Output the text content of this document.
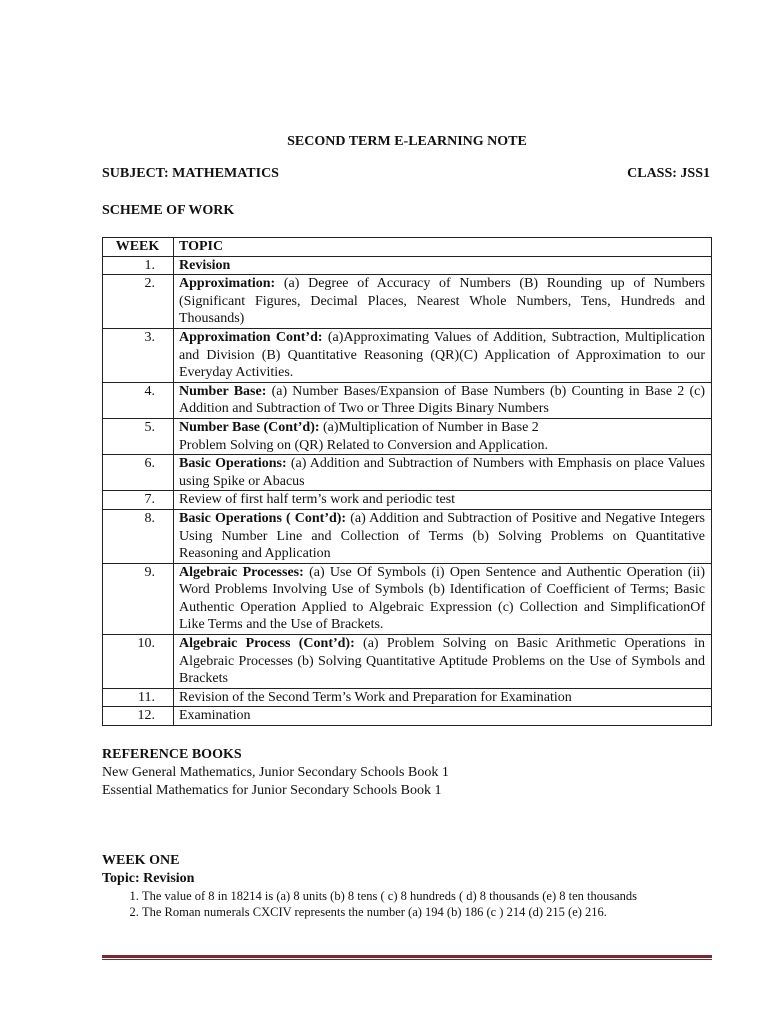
SECOND TERM E-LEARNING NOTE
SUBJECT: MATHEMATICS	CLASS: JSS1
SCHEME OF WORK
WEEK	TOPIC
1.	Revision
2.	Approximation: (a) Degree of Accuracy of Numbers (B) Rounding up of Numbers (Significant Figures, Decimal Places, Nearest Whole Numbers, Tens, Hundreds and Thousands)
3.	Approximation Cont’d: (a)Approximating Values of Addition, Subtraction, Multiplication and Division (B) Quantitative Reasoning (QR)(C) Application of Approximation to our Everyday Activities.
4.	Number Base: (a) Number Bases/Expansion of Base Numbers (b) Counting in Base 2 (c) Addition and Subtraction of Two or Three Digits Binary Numbers
5.	Number Base (Cont’d): (a)Multiplication of Number in Base 2
Problem Solving on (QR) Related to Conversion and Application.
6.	Basic Operations: (a) Addition and Subtraction of Numbers with Emphasis on place Values using Spike or Abacus
7.	Review of first half term’s work and periodic test
8.	Basic Operations ( Cont’d): (a) Addition and Subtraction of Positive and Negative Integers Using Number Line and Collection of Terms (b) Solving Problems on Quantitative Reasoning and Application
9.	Algebraic Processes: (a) Use Of Symbols (i) Open Sentence and Authentic Operation (ii) Word Problems Involving Use of Symbols (b) Identification of Coefficient of Terms; Basic Authentic Operation Applied to Algebraic Expression (c) Collection and SimplificationOf Like Terms and the Use of Brackets.
10.	Algebraic Process (Cont’d): (a) Problem Solving on Basic Arithmetic Operations in Algebraic Processes (b) Solving Quantitative Aptitude Problems on the Use of Symbols and Brackets
11.	Revision of the Second Term’s Work and Preparation for Examination
12.	Examination
REFERENCE BOOKS
New General Mathematics, Junior Secondary Schools Book 1
Essential Mathematics for Junior Secondary Schools Book 1
WEEK ONE
Topic: Revision
1. The value of 8 in 18214 is (a) 8 units (b) 8 tens ( c) 8 hundreds ( d) 8 thousands (e) 8 ten thousands
2. The Roman numerals CXCIV represents the number (a) 194 (b) 186 (c ) 214 (d) 215 (e) 216.
